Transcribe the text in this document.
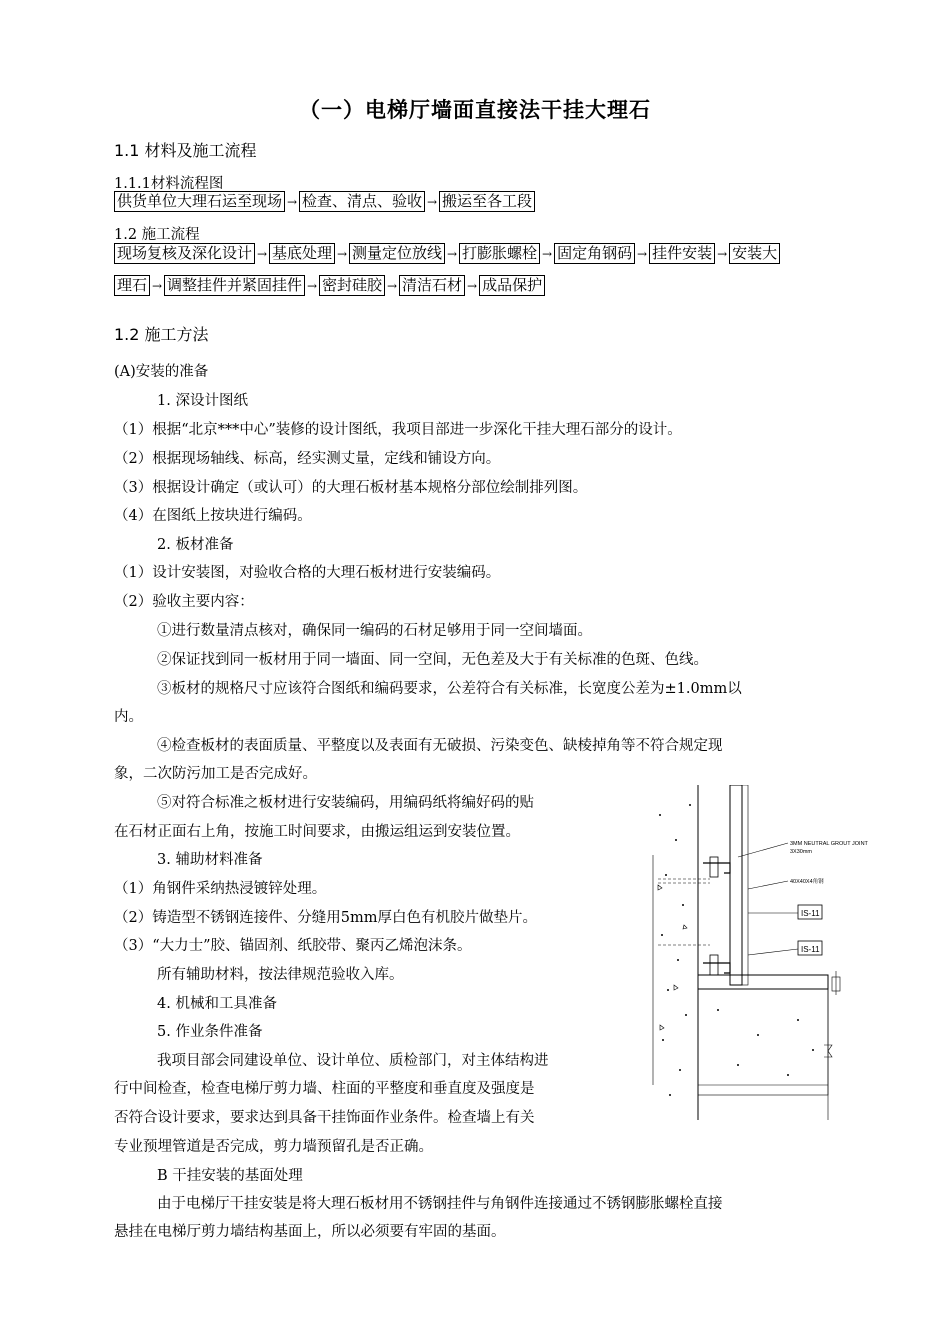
（一）电梯厅墙面直接法干挂大理石
1.1 材料及施工流程
1.1.1材料流程图
供货单位大理石运至现场 → 检查、清点、验收 → 搬运至各工段
1.2 施工流程
现场复核及深化设计 → 基底处理 → 测量定位放线 → 打膨胀螺栓 → 固定角钢码 → 挂件安装 → 安装大
理石 → 调整挂件并紧固挂件 → 密封硅胶 → 清洁石材 → 成品保护
1.2 施工方法
(A)安装的准备
1. 深设计图纸
（1）根据“北京***中心”装修的设计图纸，我项目部进一步深化干挂大理石部分的设计。
（2）根据现场轴线、标高，经实测丈量，定线和铺设方向。
（3）根据设计确定（或认可）的大理石板材基本规格分部位绘制排列图。
（4）在图纸上按块进行编码。
2. 板材准备
（1）设计安装图，对验收合格的大理石板材进行安装编码。
（2）验收主要内容：
①进行数量清点核对，确保同一编码的石材足够用于同一空间墙面。
②保证找到同一板材用于同一墙面、同一空间，无色差及大于有关标准的色斑、色线。
③板材的规格尺寸应该符合图纸和编码要求，公差符合有关标准，长宽度公差为±1.0mm以
内。
④检查板材的表面质量、平整度以及表面有无破损、污染变色、缺棱掉角等不符合规定现
象，二次防污加工是否完成好。
⑤对符合标准之板材进行安装编码，用编码纸将编好码的贴
在石材正面右上角，按施工时间要求，由搬运组运到安装位置。
3. 辅助材料准备
（1）角钢件采纳热浸镀锌处理。
（2）铸造型不锈钢连接件、分缝用5mm厚白色有机胶片做垫片。
（3）“大力士”胶、锚固剂、纸胶带、聚丙乙烯泡沫条。
所有辅助材料，按法律规范验收入库。
4. 机械和工具准备
5. 作业条件准备
我项目部会同建设单位、设计单位、质检部门，对主体结构进
行中间检查，检查电梯厅剪力墙、柱面的平整度和垂直度及强度是
否符合设计要求，要求达到具备干挂饰面作业条件。检查墙上有关
专业预埋管道是否完成，剪力墙预留孔是否正确。
B 干挂安装的基面处理
由于电梯厅干挂安装是将大理石板材用不锈钢挂件与角钢件连接通过不锈钢膨胀螺栓直接
悬挂在电梯厅剪力墙结构基面上，所以必须要有牢固的基面。
3MM NEUTRAL GROUT JOINT
3X30mm
40X40X4角钢
IS-11
IS-11
